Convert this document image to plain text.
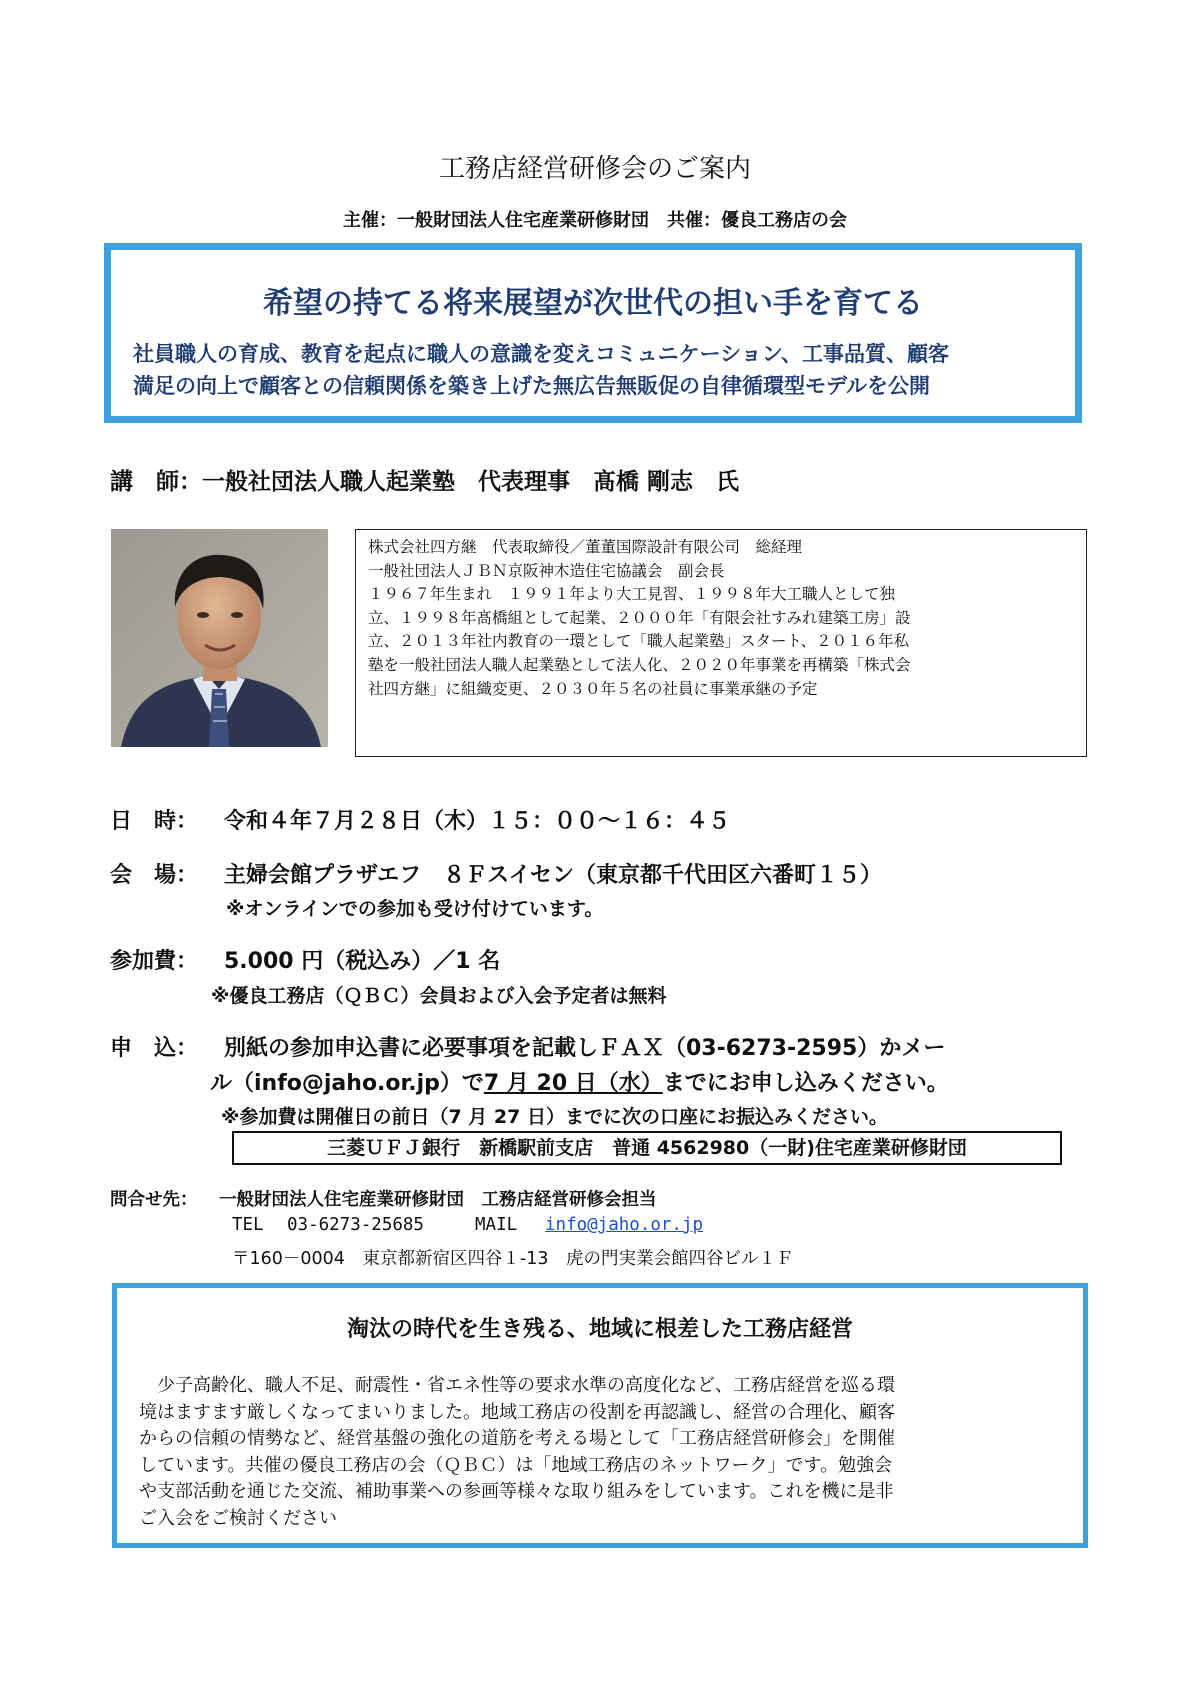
工務店経営研修会のご案内
主催：一般財団法人住宅産業研修財団　共催：優良工務店の会
希望の持てる将来展望が次世代の担い手を育てる
社員職人の育成、教育を起点に職人の意識を変えコミュニケーション、工事品質、顧客
満足の向上で顧客との信頼関係を築き上げた無広告無販促の自律循環型モデルを公開
講　師：一般社団法人職人起業塾　代表理事　髙橋 剛志　氏
株式会社四方継　代表取締役／董董国際設計有限公司　総経理
一般社団法人ＪＢＮ京阪神木造住宅協議会　副会長
１９６７年生まれ　１９９１年より大工見習、１９９８年大工職人として独
立、１９９８年髙橋組として起業、２０００年「有限会社すみれ建築工房」設
立、２０１３年社内教育の一環として「職人起業塾」スタート、２０１６年私
塾を一般社団法人職人起業塾として法人化、２０２０年事業を再構築「株式会
社四方継」に組織変更、２０３０年５名の社員に事業承継の予定
日　時： 令和４年７月２８日（木）１５：００～１６：４５
会　場： 主婦会館プラザエフ　８Ｆスイセン（東京都千代田区六番町１５）
※オンラインでの参加も受け付けています。
参加費： 5.000 円（税込み）／1 名
※優良工務店（ＱＢＣ）会員および入会予定者は無料
申　込： 別紙の参加申込書に必要事項を記載しＦＡＸ（03-6273-2595）かメー
ル（info@jaho.or.jp）で7 月 20 日（水）までにお申し込みください。
※参加費は開催日の前日（7 月 27 日）までに次の口座にお振込みください。
三菱ＵＦＪ銀行　新橋駅前支店　普通 4562980（一財)住宅産業研修財団
問合せ先： 一般財団法人住宅産業研修財団　工務店経営研修会担当
TEL 03-6273-25685	MAIL info@jaho.or.jp
〒160－0004　東京都新宿区四谷１-13　虎の門実業会館四谷ビル１Ｆ
淘汰の時代を生き残る、地域に根差した工務店経営
　少子高齢化、職人不足、耐震性・省エネ性等の要求水準の高度化など、工務店経営を巡る環
境はますます厳しくなってまいりました。地域工務店の役割を再認識し、経営の合理化、顧客
からの信頼の情勢など、経営基盤の強化の道筋を考える場として「工務店経営研修会」を開催
しています。共催の優良工務店の会（ＱＢＣ）は「地域工務店のネットワーク」です。勉強会
や支部活動を通じた交流、補助事業への参画等様々な取り組みをしています。これを機に是非
ご入会をご検討ください
